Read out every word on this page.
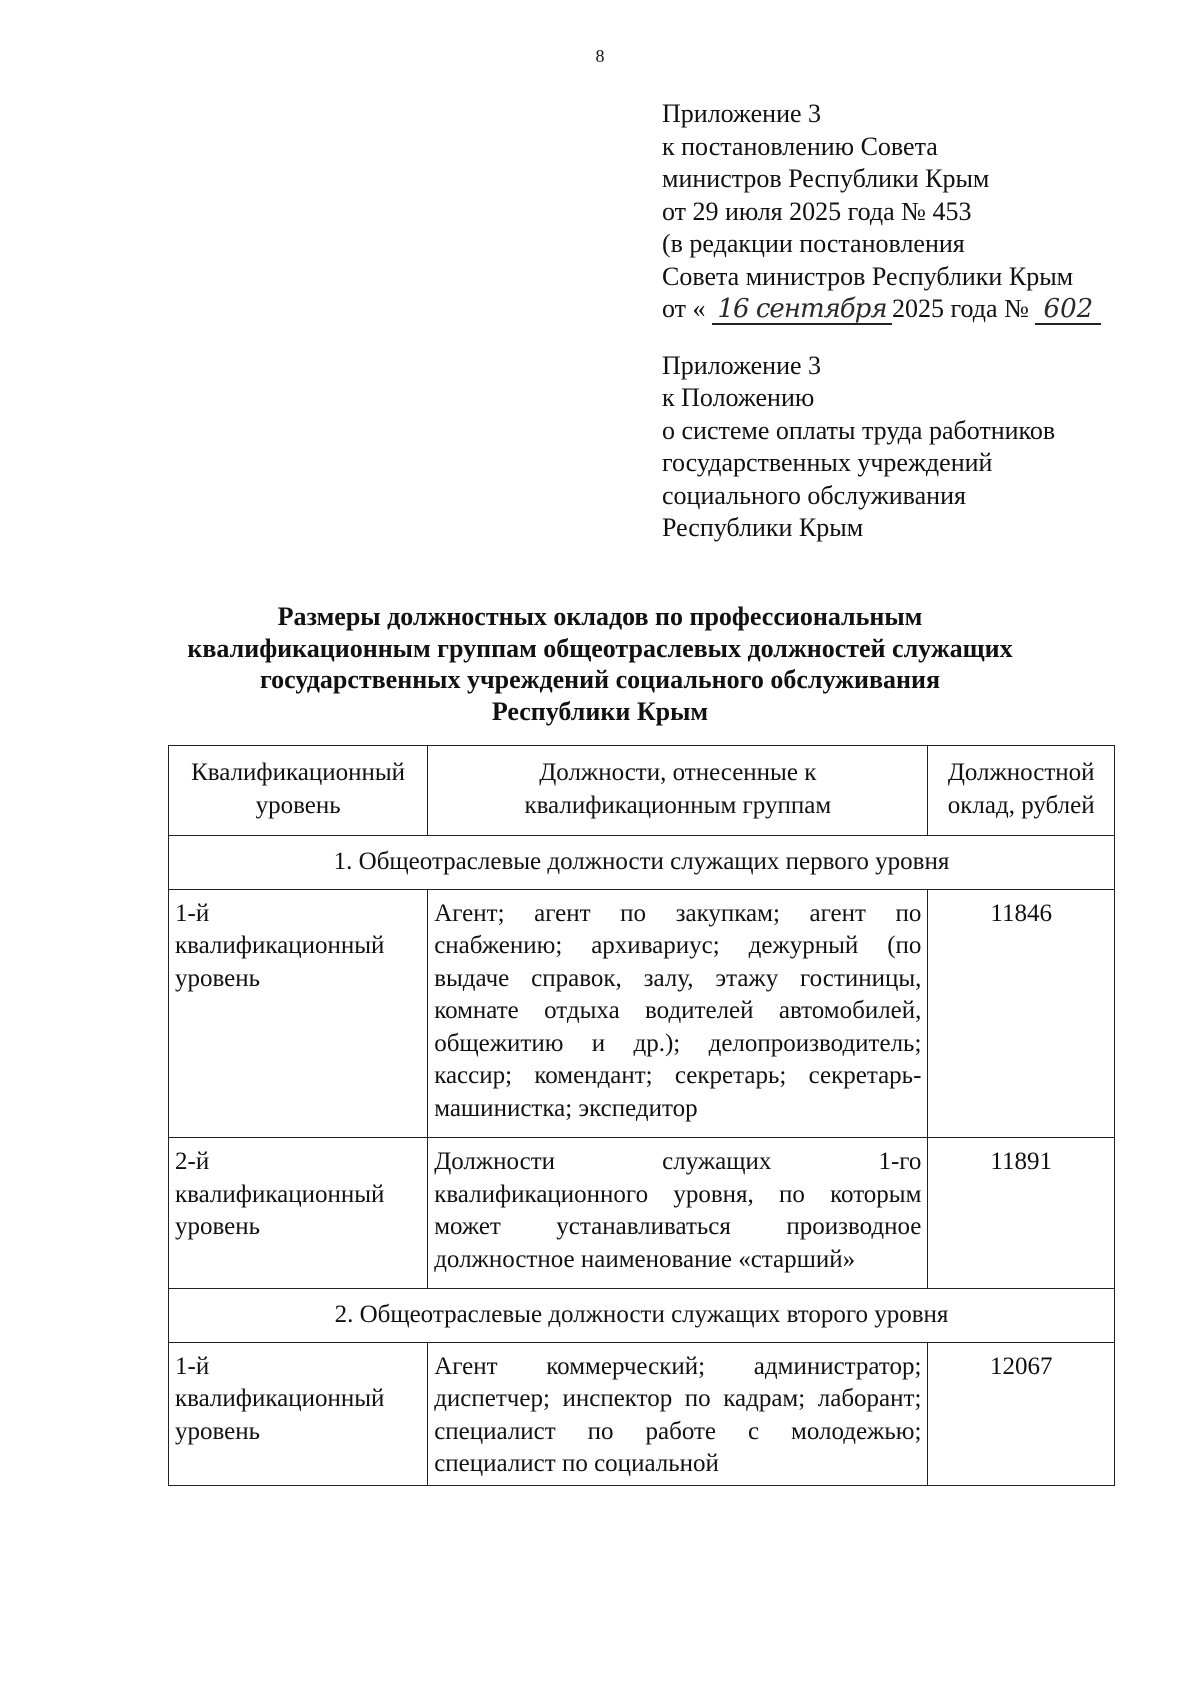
8
Приложение 3
к постановлению Совета
министров Республики Крым
от 29 июля 2025 года № 453
(в редакции постановления
Совета министров Республики Крым
от « 16 сентября 2025 года № 602
Приложение 3
к Положению
о системе оплаты труда работников
государственных учреждений
социального обслуживания
Республики Крым
Размеры должностных окладов по профессиональным
квалификационным группам общеотраслевых должностей служащих
государственных учреждений социального обслуживания
Республики Крым
Квалификационный уровень	Должности, отнесенные к квалификационным группам	Должностной оклад, рублей
1. Общеотраслевые должности служащих первого уровня		
1-й квалификационный уровень	Агент; агент по закупкам; агент по снабжению; архивариус; дежурный (по выдаче справок, залу, этажу гостиницы, комнате отдыха водителей автомобилей, общежитию и др.); делопроизводитель; кассир; комендант; секретарь; секретарь-машинистка; экспедитор	11846
2-й квалификационный уровень	Должности служащих 1-го квалификационного уровня, по которым может устанавливаться производное должностное наименование «старший»	11891
2. Общеотраслевые должности служащих второго уровня		
1-й квалификационный уровень	Агент коммерческий; администратор; диспетчер; инспектор по кадрам; лаборант; специалист по работе с молодежью; специалист по социальной	12067
